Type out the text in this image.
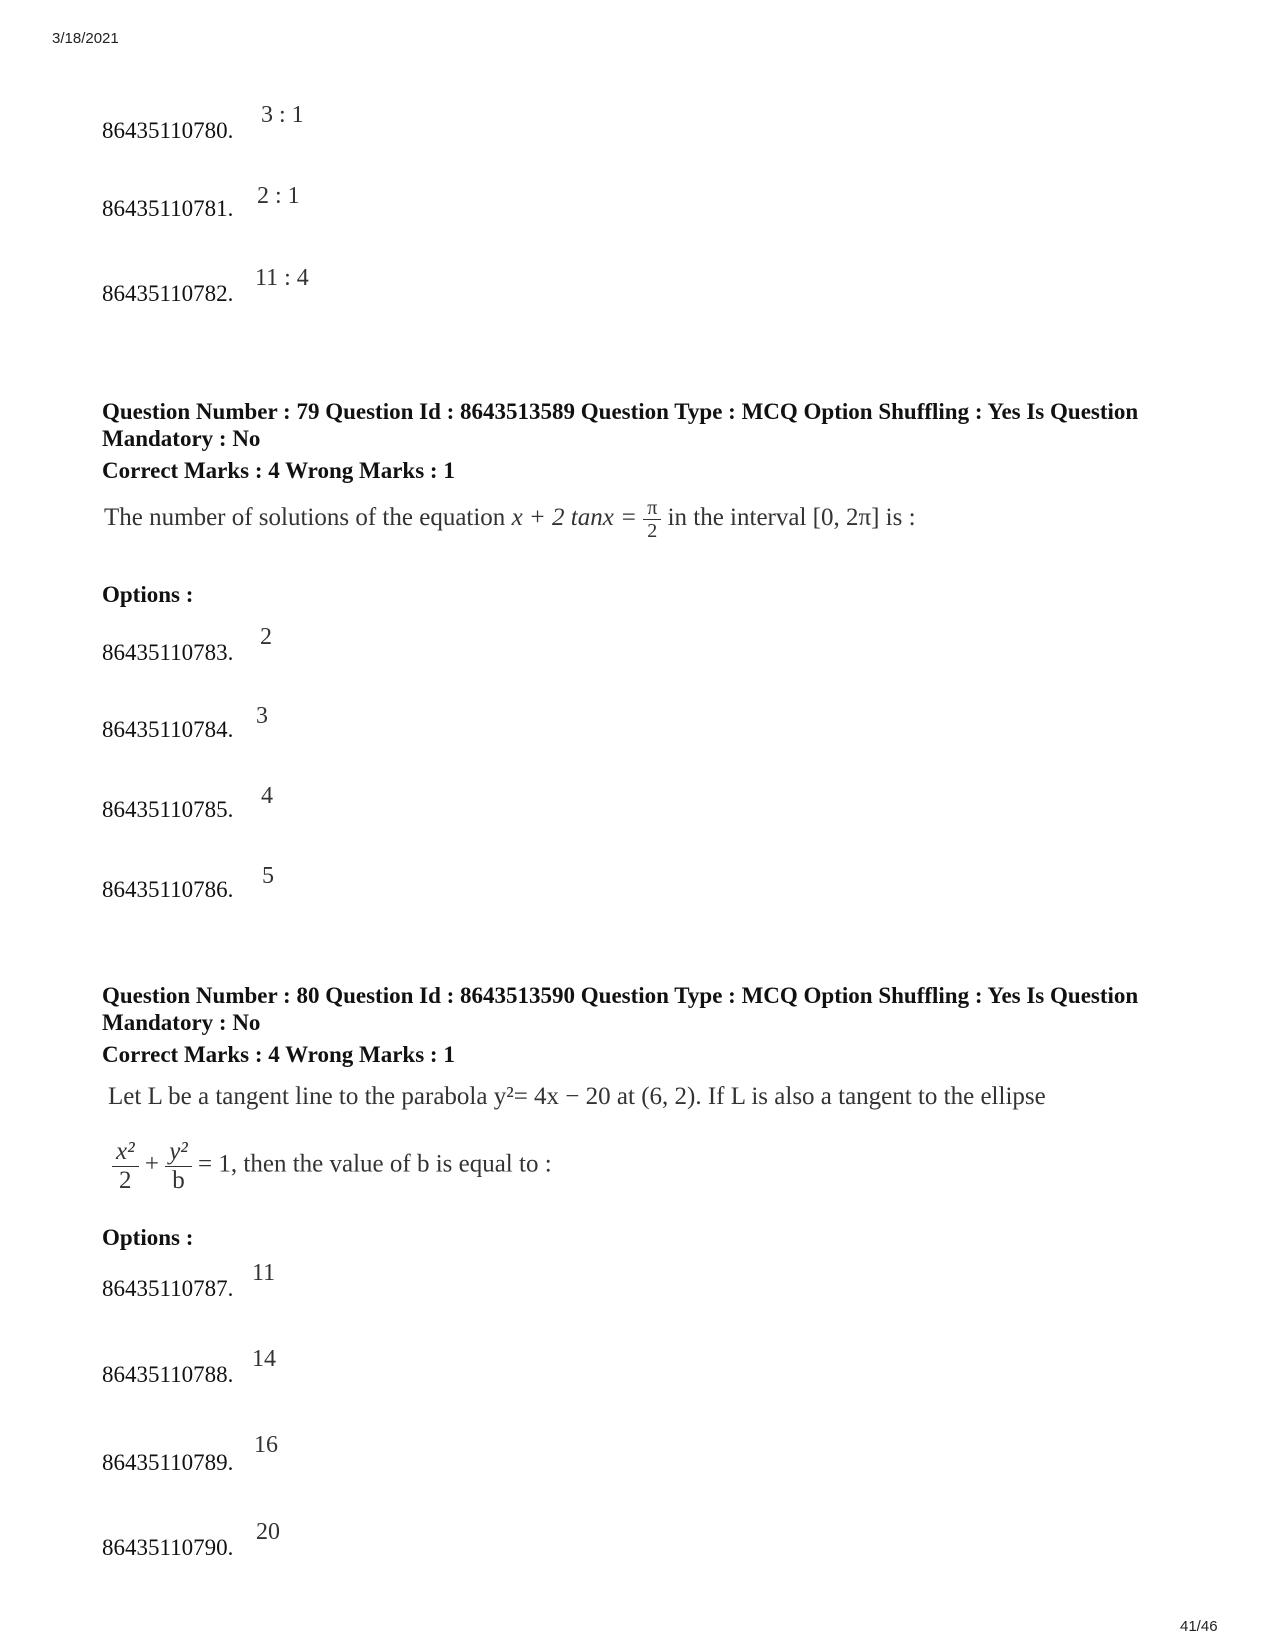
3/18/2021
86435110780.
3 : 1
86435110781. 2 : 1
86435110782.
11 : 4
Question Number : 79 Question Id : 8643513589 Question Type : MCQ Option Shuffling : Yes Is Question Mandatory : No
Correct Marks : 4 Wrong Marks : 1
The number of solutions of the equation x + 2 $\tan x = \frac{\pi}{2}$ in the interval [0, 2π] is :
Options :
86435110783.
2
86435110784.
3
86435110785.
4
86435110786.
5
Question Number : 80 Question Id : 8643513590 Question Type : MCQ Option Shuffling : Yes Is Question Mandatory : No
Correct Marks : 4 Wrong Marks : 1
Let L be a tangent line to the parabola y²= 4x − 20 at (6, 2). If L is also a tangent to the ellipse
$\frac{\text{x²}}{2} + \frac{\text{y²}}{b} = 1$, then the value of b is equal to :
Options :
86435110787.
11
86435110788.
14
86435110789.
16
86435110790.
20
41/46
